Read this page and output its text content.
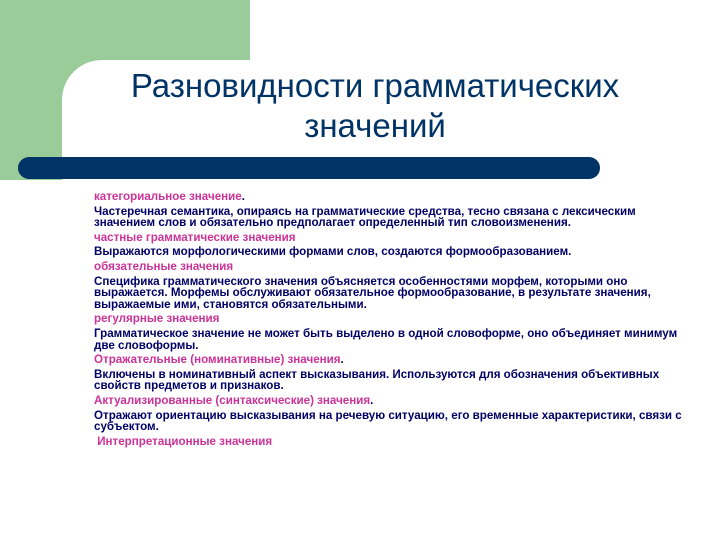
Разновидности грамматических
значений

категориальное значение.

Частеречная семантика, опираясь на грамматические средства, тесно связана с лексическим значением слов и обязательно предполагает определенный тип словоизменения.

частные грамматические значения

Выражаются морфологическими формами слов, создаются формообразованием.

обязательные значения

Специфика грамматического значения объясняется особенностями морфем, которыми оно выражается. Морфемы обслуживают обязательное формообразование, в результате значения, выражаемые ими, становятся обязательными.

регулярные значения

Грамматическое значение не может быть выделено в одной словоформе, оно объединяет минимум две словоформы.

Отражательные (номинативные) значения.

Включены в номинативный аспект высказывания. Используются для обозначения объективных свойств предметов и признаков.

Актуализированные (синтаксические) значения.

Отражают ориентацию высказывания на речевую ситуацию, его временные характеристики, связи с субъектом.

Интерпретационные значения
